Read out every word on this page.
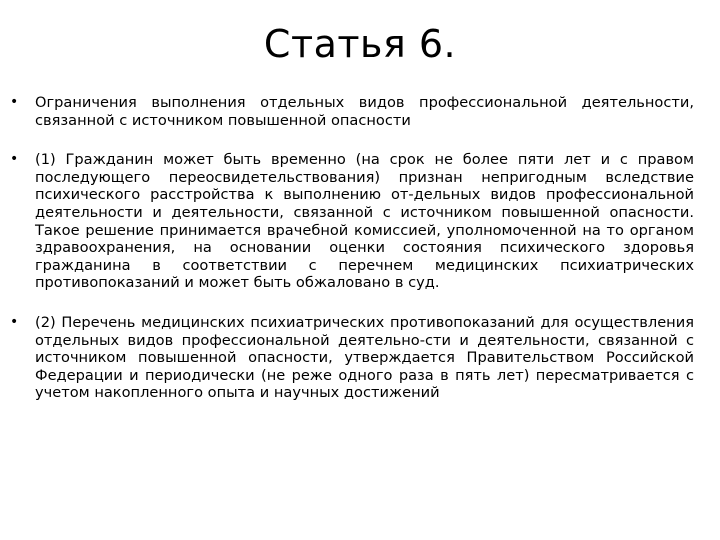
Статья 6.
• Ограничения выполнения отдельных видов профессиональной деятельности, связанной с источником повышенной опасности
• (1) Гражданин может быть временно (на срок не более пяти лет и с правом последующего переосвидетельствования) признан непригодным вследствие психического расстройства к выполнению от-дельных видов профессиональной деятельности и деятельности, связанной с источником повышенной опасности. Такое решение принимается врачебной комиссией, уполномоченной на то органом здравоохранения, на основании оценки состояния психического здоровья гражданина в соответствии с перечнем медицинских психиатрических противопоказаний и может быть обжаловано в суд.
• (2) Перечень медицинских психиатрических противопоказаний для осуществления отдельных видов профессиональной деятельно-сти и деятельности, связанной с источником повышенной опасности, утверждается Правительством Российской Федерации и периодически (не реже одного раза в пять лет) пересматривается с учетом накопленного опыта и научных достижений
